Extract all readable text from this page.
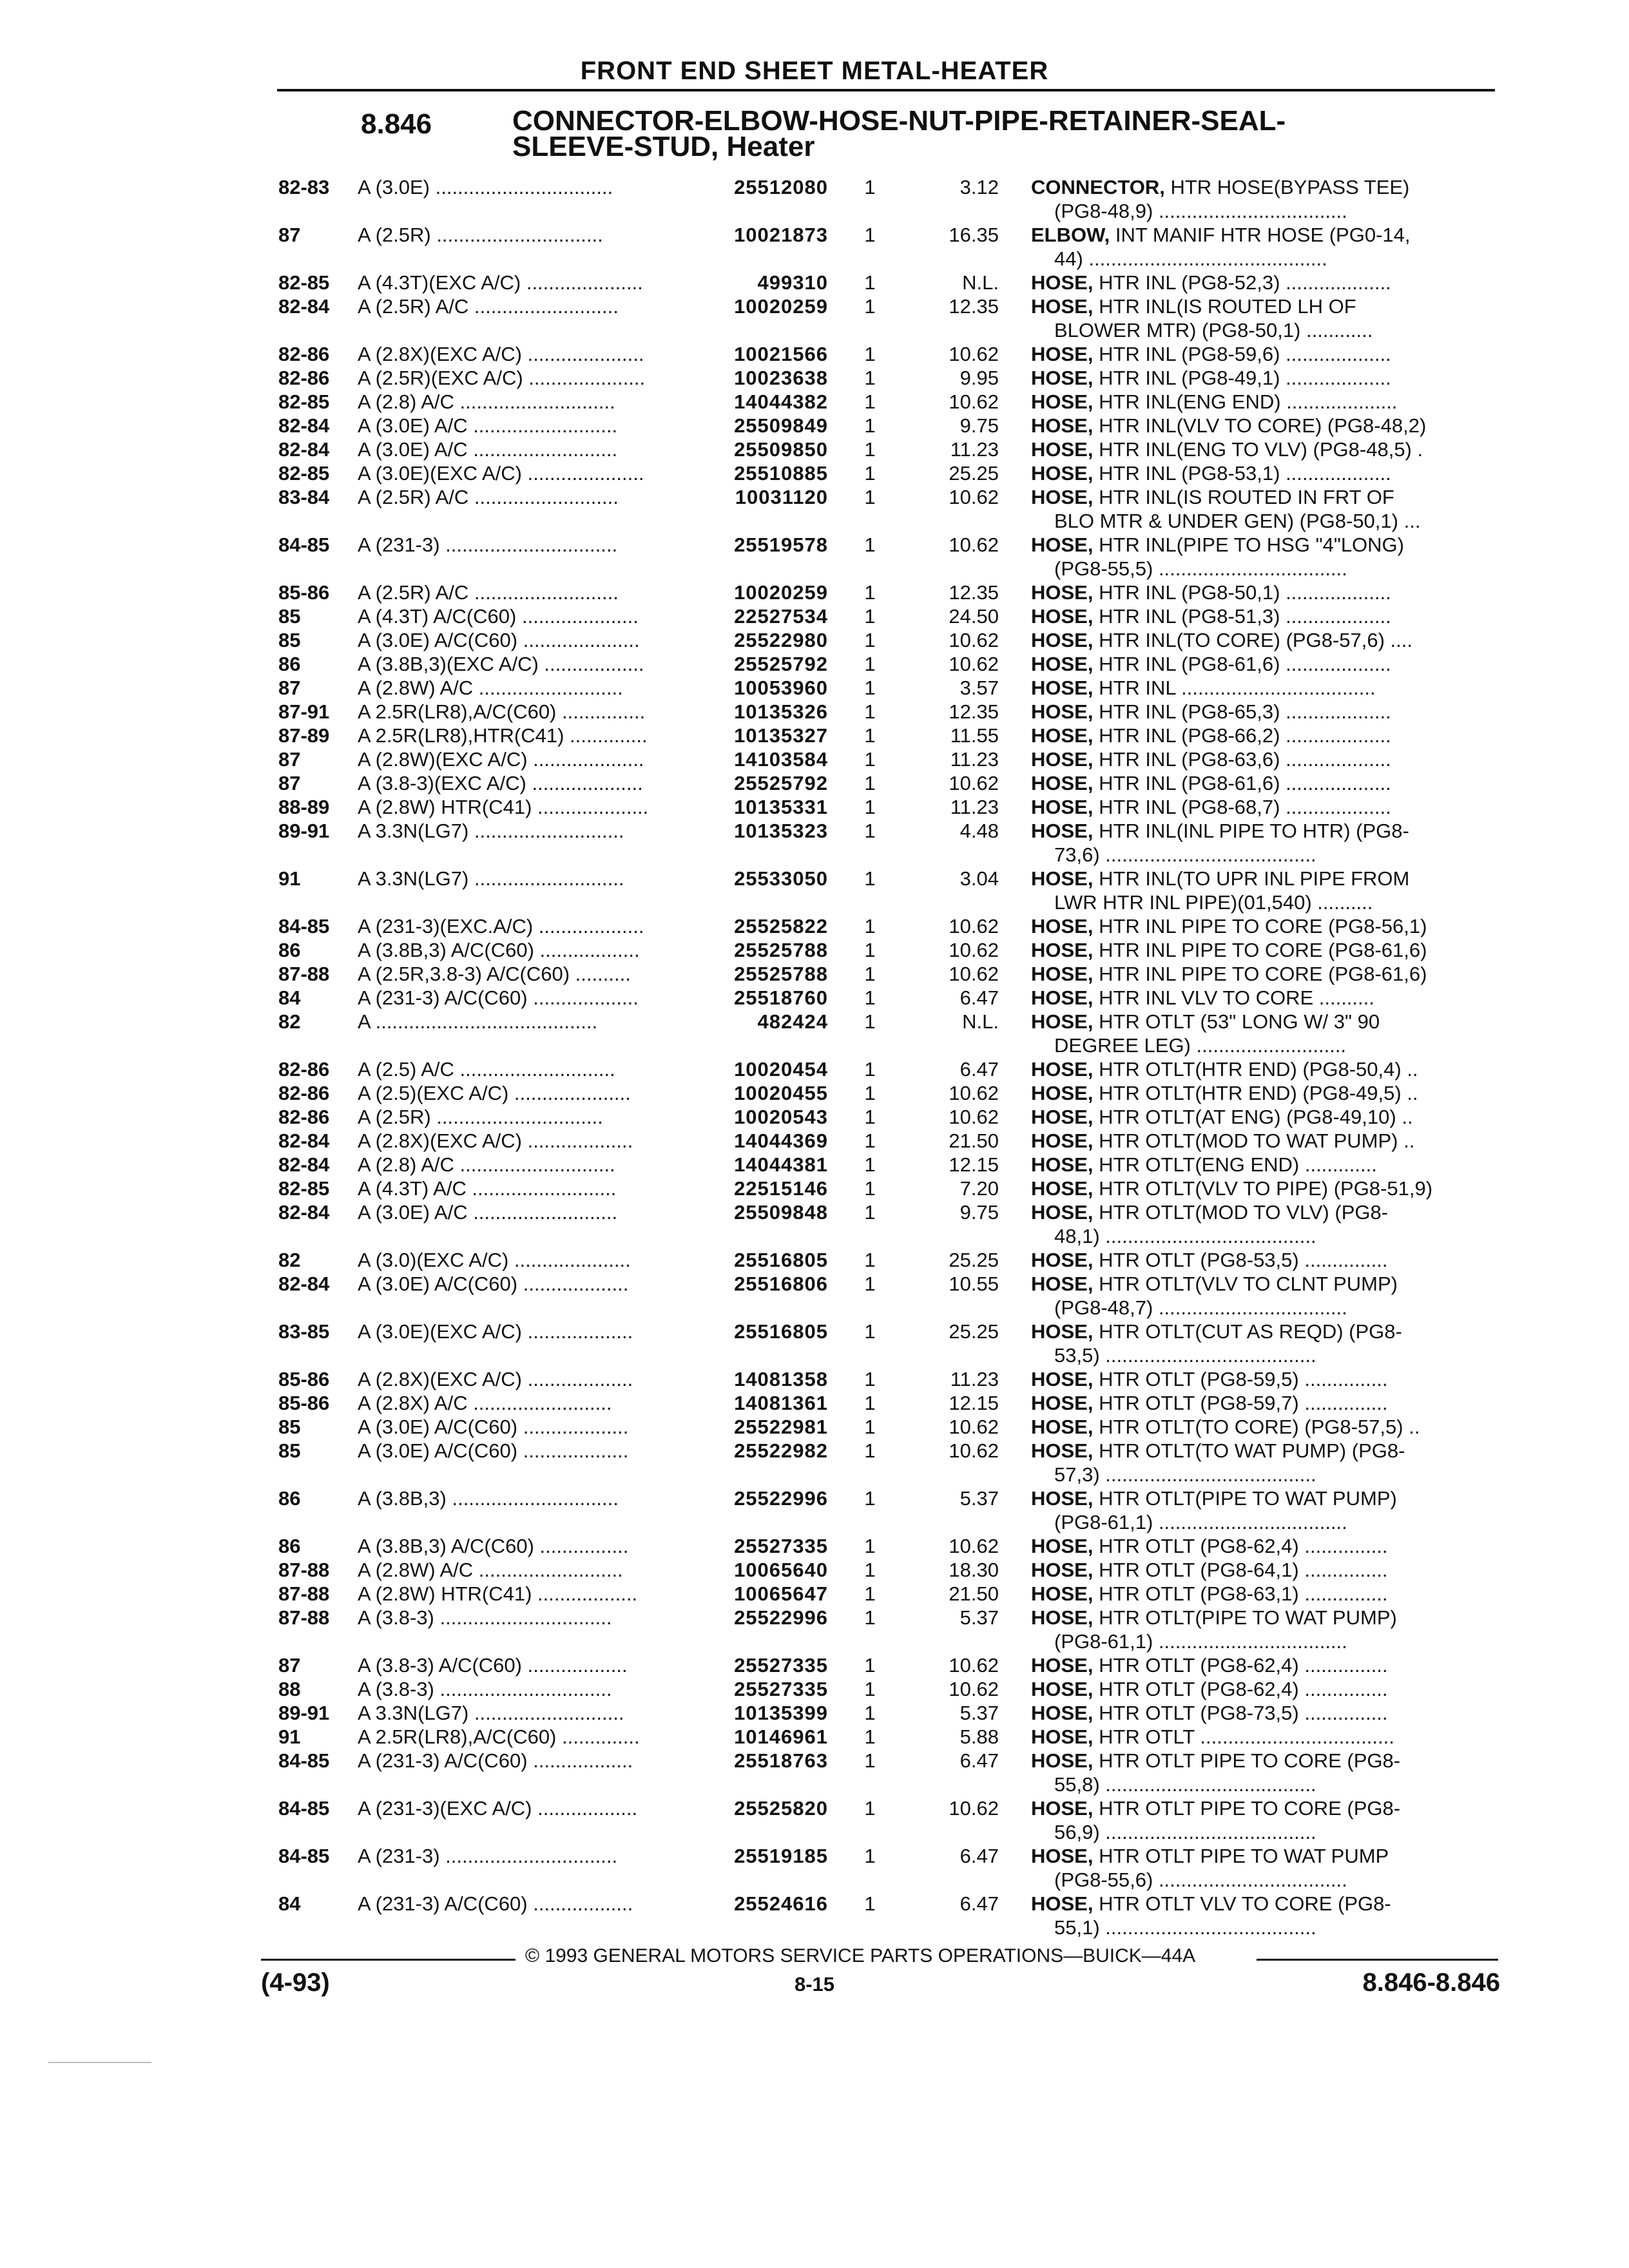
FRONT END SHEET METAL-HEATER
8.846	CONNECTOR-ELBOW-HOSE-NUT-PIPE-RETAINER-SEAL-
SLEEVE-STUD, Heater
82-83 A (3.0E) ................................	25512080 1	3.12 CONNECTOR, HTR HOSE(BYPASS TEE)
(PG8-48,9) ..................................
87	A (2.5R) ..............................	10021873 1	16.35 ELBOW, INT MANIF HTR HOSE (PG0-14,
44) ...........................................
82-85 A (4.3T)(EXC A/C) .....................	499310 1	N.L. HOSE, HTR INL (PG8-52,3) ...................
82-84 A (2.5R) A/C ..........................	10020259 1	12.35 HOSE, HTR INL(IS ROUTED LH OF
BLOWER MTR) (PG8-50,1) ............
82-86 A (2.8X)(EXC A/C) .....................	10021566 1	10.62 HOSE, HTR INL (PG8-59,6) ...................
82-86 A (2.5R)(EXC A/C) .....................	10023638 1	9.95 HOSE, HTR INL (PG8-49,1) ...................
82-85 A (2.8) A/C ............................	14044382 1	10.62 HOSE, HTR INL(ENG END) ....................
82-84 A (3.0E) A/C ..........................	25509849 1	9.75 HOSE, HTR INL(VLV TO CORE) (PG8-48,2)
82-84 A (3.0E) A/C ..........................	25509850 1	11.23 HOSE, HTR INL(ENG TO VLV) (PG8-48,5) .
82-85 A (3.0E)(EXC A/C) .....................	25510885 1	25.25 HOSE, HTR INL (PG8-53,1) ...................
83-84 A (2.5R) A/C ..........................	10031120 1	10.62 HOSE, HTR INL(IS ROUTED IN FRT OF
BLO MTR & UNDER GEN) (PG8-50,1) ...
84-85 A (231-3) ...............................	25519578 1	10.62 HOSE, HTR INL(PIPE TO HSG "4"LONG)
(PG8-55,5) ..................................
85-86 A (2.5R) A/C ..........................	10020259 1	12.35 HOSE, HTR INL (PG8-50,1) ...................
85	A (4.3T) A/C(C60) .....................	22527534 1	24.50 HOSE, HTR INL (PG8-51,3) ...................
85	A (3.0E) A/C(C60) .....................	25522980 1	10.62 HOSE, HTR INL(TO CORE) (PG8-57,6) ....
86	A (3.8B,3)(EXC A/C) ..................	25525792 1	10.62 HOSE, HTR INL (PG8-61,6) ...................
87	A (2.8W) A/C ..........................	10053960 1	3.57 HOSE, HTR INL ...................................
87-91 A 2.5R(LR8),A/C(C60) ...............	10135326 1	12.35 HOSE, HTR INL (PG8-65,3) ...................
87-89 A 2.5R(LR8),HTR(C41) ..............	10135327 1	11.55 HOSE, HTR INL (PG8-66,2) ...................
87	A (2.8W)(EXC A/C) ....................	14103584 1	11.23 HOSE, HTR INL (PG8-63,6) ...................
87	A (3.8-3)(EXC A/C) ....................	25525792 1	10.62 HOSE, HTR INL (PG8-61,6) ...................
88-89 A (2.8W) HTR(C41) ....................	10135331 1	11.23 HOSE, HTR INL (PG8-68,7) ...................
89-91 A 3.3N(LG7) ...........................	10135323 1	4.48 HOSE, HTR INL(INL PIPE TO HTR) (PG8-
73,6) ......................................
91	A 3.3N(LG7) ...........................	25533050 1	3.04 HOSE, HTR INL(TO UPR INL PIPE FROM
LWR HTR INL PIPE)(01,540) ..........
84-85 A (231-3)(EXC.A/C) ...................	25525822 1	10.62 HOSE, HTR INL PIPE TO CORE (PG8-56,1)
86	A (3.8B,3) A/C(C60) ..................	25525788 1	10.62 HOSE, HTR INL PIPE TO CORE (PG8-61,6)
87-88 A (2.5R,3.8-3) A/C(C60) ..........	25525788 1	10.62 HOSE, HTR INL PIPE TO CORE (PG8-61,6)
84	A (231-3) A/C(C60) ...................	25518760 1	6.47 HOSE, HTR INL VLV TO CORE ..........
82	A ........................................	482424 1	N.L. HOSE, HTR OTLT (53" LONG W/ 3" 90
DEGREE LEG) ...........................
82-86 A (2.5) A/C ............................	10020454 1	6.47 HOSE, HTR OTLT(HTR END) (PG8-50,4) ..
82-86 A (2.5)(EXC A/C) .....................	10020455 1	10.62 HOSE, HTR OTLT(HTR END) (PG8-49,5) ..
82-86 A (2.5R) ..............................	10020543 1	10.62 HOSE, HTR OTLT(AT ENG) (PG8-49,10) ..
82-84 A (2.8X)(EXC A/C) ...................	14044369 1	21.50 HOSE, HTR OTLT(MOD TO WAT PUMP) ..
82-84 A (2.8) A/C ............................	14044381 1	12.15 HOSE, HTR OTLT(ENG END) .............
82-85 A (4.3T) A/C ..........................	22515146 1	7.20 HOSE, HTR OTLT(VLV TO PIPE) (PG8-51,9)
82-84 A (3.0E) A/C ..........................	25509848 1	9.75 HOSE, HTR OTLT(MOD TO VLV) (PG8-
48,1) ......................................
82	A (3.0)(EXC A/C) .....................	25516805 1	25.25 HOSE, HTR OTLT (PG8-53,5) ...............
82-84 A (3.0E) A/C(C60) ...................	25516806 1	10.55 HOSE, HTR OTLT(VLV TO CLNT PUMP)
(PG8-48,7) ..................................
83-85 A (3.0E)(EXC A/C) ...................	25516805 1	25.25 HOSE, HTR OTLT(CUT AS REQD) (PG8-
53,5) ......................................
85-86 A (2.8X)(EXC A/C) ...................	14081358 1	11.23 HOSE, HTR OTLT (PG8-59,5) ...............
85-86 A (2.8X) A/C .........................	14081361 1	12.15 HOSE, HTR OTLT (PG8-59,7) ...............
85	A (3.0E) A/C(C60) ...................	25522981 1	10.62 HOSE, HTR OTLT(TO CORE) (PG8-57,5) ..
85	A (3.0E) A/C(C60) ...................	25522982 1	10.62 HOSE, HTR OTLT(TO WAT PUMP) (PG8-
57,3) ......................................
86	A (3.8B,3) ..............................	25522996 1	5.37 HOSE, HTR OTLT(PIPE TO WAT PUMP)
(PG8-61,1) ..................................
86	A (3.8B,3) A/C(C60) ................	25527335 1	10.62 HOSE, HTR OTLT (PG8-62,4) ...............
87-88 A (2.8W) A/C ..........................	10065640 1	18.30 HOSE, HTR OTLT (PG8-64,1) ...............
87-88 A (2.8W) HTR(C41) ..................	10065647 1	21.50 HOSE, HTR OTLT (PG8-63,1) ...............
87-88 A (3.8-3) ...............................	25522996 1	5.37 HOSE, HTR OTLT(PIPE TO WAT PUMP)
(PG8-61,1) ..................................
87	A (3.8-3) A/C(C60) ..................	25527335 1	10.62 HOSE, HTR OTLT (PG8-62,4) ...............
88	A (3.8-3) ...............................	25527335 1	10.62 HOSE, HTR OTLT (PG8-62,4) ...............
89-91 A 3.3N(LG7) ...........................	10135399 1	5.37 HOSE, HTR OTLT (PG8-73,5) ...............
91	A 2.5R(LR8),A/C(C60) ..............	10146961 1	5.88 HOSE, HTR OTLT ...................................
84-85 A (231-3) A/C(C60) ..................	25518763 1	6.47 HOSE, HTR OTLT PIPE TO CORE (PG8-
55,8) ......................................
84-85 A (231-3)(EXC A/C) ..................	25525820 1	10.62 HOSE, HTR OTLT PIPE TO CORE (PG8-
56,9) ......................................
84-85 A (231-3) ...............................	25519185 1	6.47 HOSE, HTR OTLT PIPE TO WAT PUMP
(PG8-55,6) ..................................
84	A (231-3) A/C(C60) ..................	25524616 1	6.47 HOSE, HTR OTLT VLV TO CORE (PG8-
55,1) ......................................
© 1993 GENERAL MOTORS SERVICE PARTS OPERATIONS—BUICK—44A
(4-93)	8-15	8.846-8.846
